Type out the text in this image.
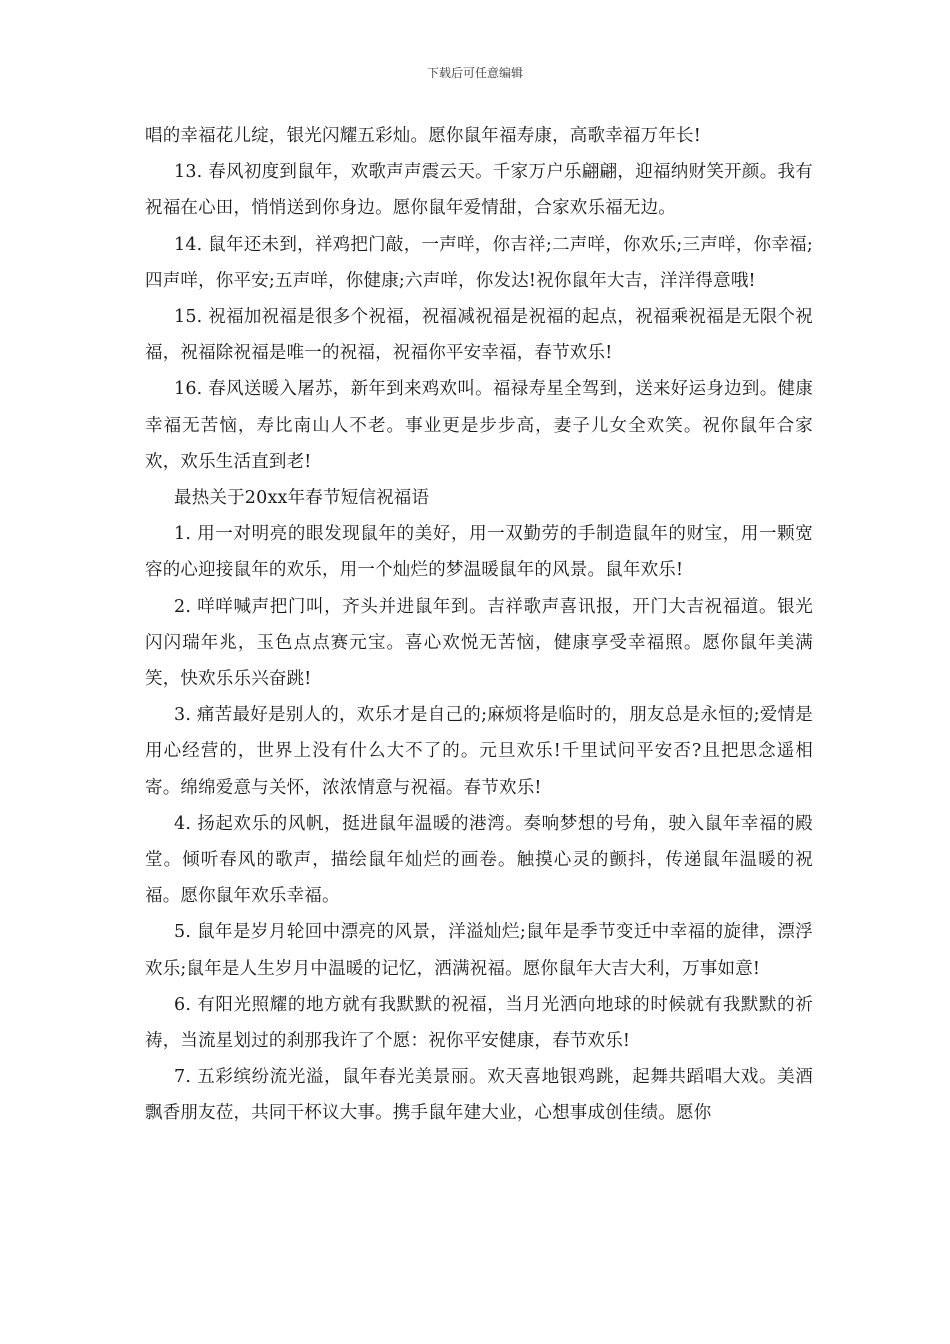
下载后可任意编辑

唱的幸福花儿绽，银光闪耀五彩灿。愿你鼠年福寿康，高歌幸福万年长!

13. 春风初度到鼠年，欢歌声声震云天。千家万户乐翩翩，迎福纳财笑开颜。我有祝福在心田，悄悄送到你身边。愿你鼠年爱情甜，合家欢乐福无边。

14. 鼠年还未到，祥鸡把门敲，一声咩，你吉祥;二声咩，你欢乐;三声咩，你幸福;四声咩，你平安;五声咩，你健康;六声咩，你发达!祝你鼠年大吉，洋洋得意哦!

15. 祝福加祝福是很多个祝福，祝福减祝福是祝福的起点，祝福乘祝福是无限个祝福，祝福除祝福是唯一的祝福，祝福你平安幸福，春节欢乐!

16. 春风送暖入屠苏，新年到来鸡欢叫。福禄寿星全驾到，送来好运身边到。健康幸福无苦恼，寿比南山人不老。事业更是步步高，妻子儿女全欢笑。祝你鼠年合家欢，欢乐生活直到老!

最热关于20xx年春节短信祝福语

1. 用一对明亮的眼发现鼠年的美好，用一双勤劳的手制造鼠年的财宝，用一颗宽容的心迎接鼠年的欢乐，用一个灿烂的梦温暖鼠年的风景。鼠年欢乐!

2. 咩咩喊声把门叫，齐头并进鼠年到。吉祥歌声喜讯报，开门大吉祝福道。银光闪闪瑞年兆，玉色点点赛元宝。喜心欢悦无苦恼，健康享受幸福照。愿你鼠年美满笑，快欢乐乐兴奋跳!

3. 痛苦最好是别人的，欢乐才是自己的;麻烦将是临时的，朋友总是永恒的;爱情是用心经营的，世界上没有什么大不了的。元旦欢乐!千里试问平安否?且把思念遥相寄。绵绵爱意与关怀，浓浓情意与祝福。春节欢乐!

4. 扬起欢乐的风帆，挺进鼠年温暖的港湾。奏响梦想的号角，驶入鼠年幸福的殿堂。倾听春风的歌声，描绘鼠年灿烂的画卷。触摸心灵的颤抖，传递鼠年温暖的祝福。愿你鼠年欢乐幸福。

5. 鼠年是岁月轮回中漂亮的风景，洋溢灿烂;鼠年是季节变迁中幸福的旋律，漂浮欢乐;鼠年是人生岁月中温暖的记忆，洒满祝福。愿你鼠年大吉大利，万事如意!

6. 有阳光照耀的地方就有我默默的祝福，当月光洒向地球的时候就有我默默的祈祷，当流星划过的刹那我许了个愿：祝你平安健康，春节欢乐!

7. 五彩缤纷流光溢，鼠年春光美景丽。欢天喜地银鸡跳，起舞共蹈唱大戏。美酒飘香朋友莅，共同干杯议大事。携手鼠年建大业，心想事成创佳绩。愿你
